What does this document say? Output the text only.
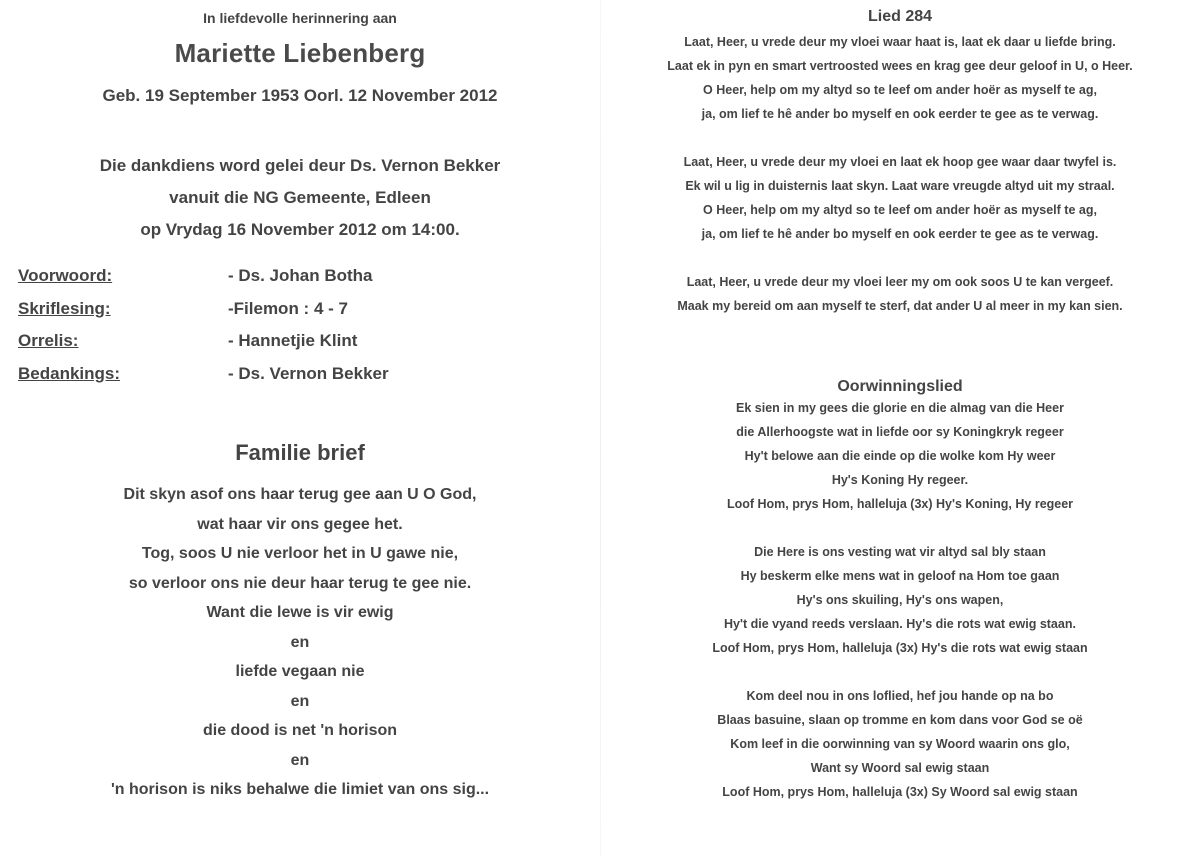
In liefdevolle herinnering aan
Mariette Liebenberg
Geb. 19 September 1953 Oorl. 12 November 2012
Die dankdiens word gelei deur Ds. Vernon Bekker
vanuit die NG Gemeente, Edleen
op Vrydag 16 November 2012 om 14:00.
Voorwoord:	- Ds. Johan Botha
Skriflesing:	-Filemon : 4 - 7
Orrelis:	- Hannetjie Klint
Bedankings:	- Ds. Vernon Bekker
Familie brief
Dit skyn asof ons haar terug gee aan U O God,
wat haar vir ons gegee het.
Tog, soos U nie verloor het in U gawe nie,
so verloor ons nie deur haar terug te gee nie.
Want die lewe is vir ewig
en
liefde vegaan nie
en
die dood is net 'n horison
en
'n horison is niks behalwe die limiet van ons sig...
Lied 284
Laat, Heer, u vrede deur my vloei waar haat is, laat ek daar u liefde bring.
Laat ek in pyn en smart vertroosted wees en krag gee deur geloof in U, o Heer.
O Heer, help om my altyd so te leef om ander hoër as myself te ag,
ja, om lief te hê ander bo myself en ook eerder te gee as te verwag.
Laat, Heer, u vrede deur my vloei en laat ek hoop gee waar daar twyfel is.
Ek wil u lig in duisternis laat skyn. Laat ware vreugde altyd uit my straal.
O Heer, help om my altyd so te leef om ander hoër as myself te ag,
ja, om lief te hê ander bo myself en ook eerder te gee as te verwag.
Laat, Heer, u vrede deur my vloei leer my om ook soos U te kan vergeef.
Maak my bereid om aan myself te sterf, dat ander U al meer in my kan sien.
Oorwinningslied
Ek sien in my gees die glorie en die almag van die Heer
die Allerhoogste wat in liefde oor sy Koningkryk regeer
Hy't belowe aan die einde op die wolke kom Hy weer
Hy's Koning Hy regeer.
Loof Hom, prys Hom, halleluja (3x) Hy's Koning, Hy regeer
Die Here is ons vesting wat vir altyd sal bly staan
Hy beskerm elke mens wat in geloof na Hom toe gaan
Hy's ons skuiling, Hy's ons wapen,
Hy't die vyand reeds verslaan. Hy's die rots wat ewig staan.
Loof Hom, prys Hom, halleluja (3x) Hy's die rots wat ewig staan
Kom deel nou in ons loflied, hef jou hande op na bo
Blaas basuine, slaan op tromme en kom dans voor God se oë
Kom leef in die oorwinning van sy Woord waarin ons glo,
Want sy Woord sal ewig staan
Loof Hom, prys Hom, halleluja (3x) Sy Woord sal ewig staan
